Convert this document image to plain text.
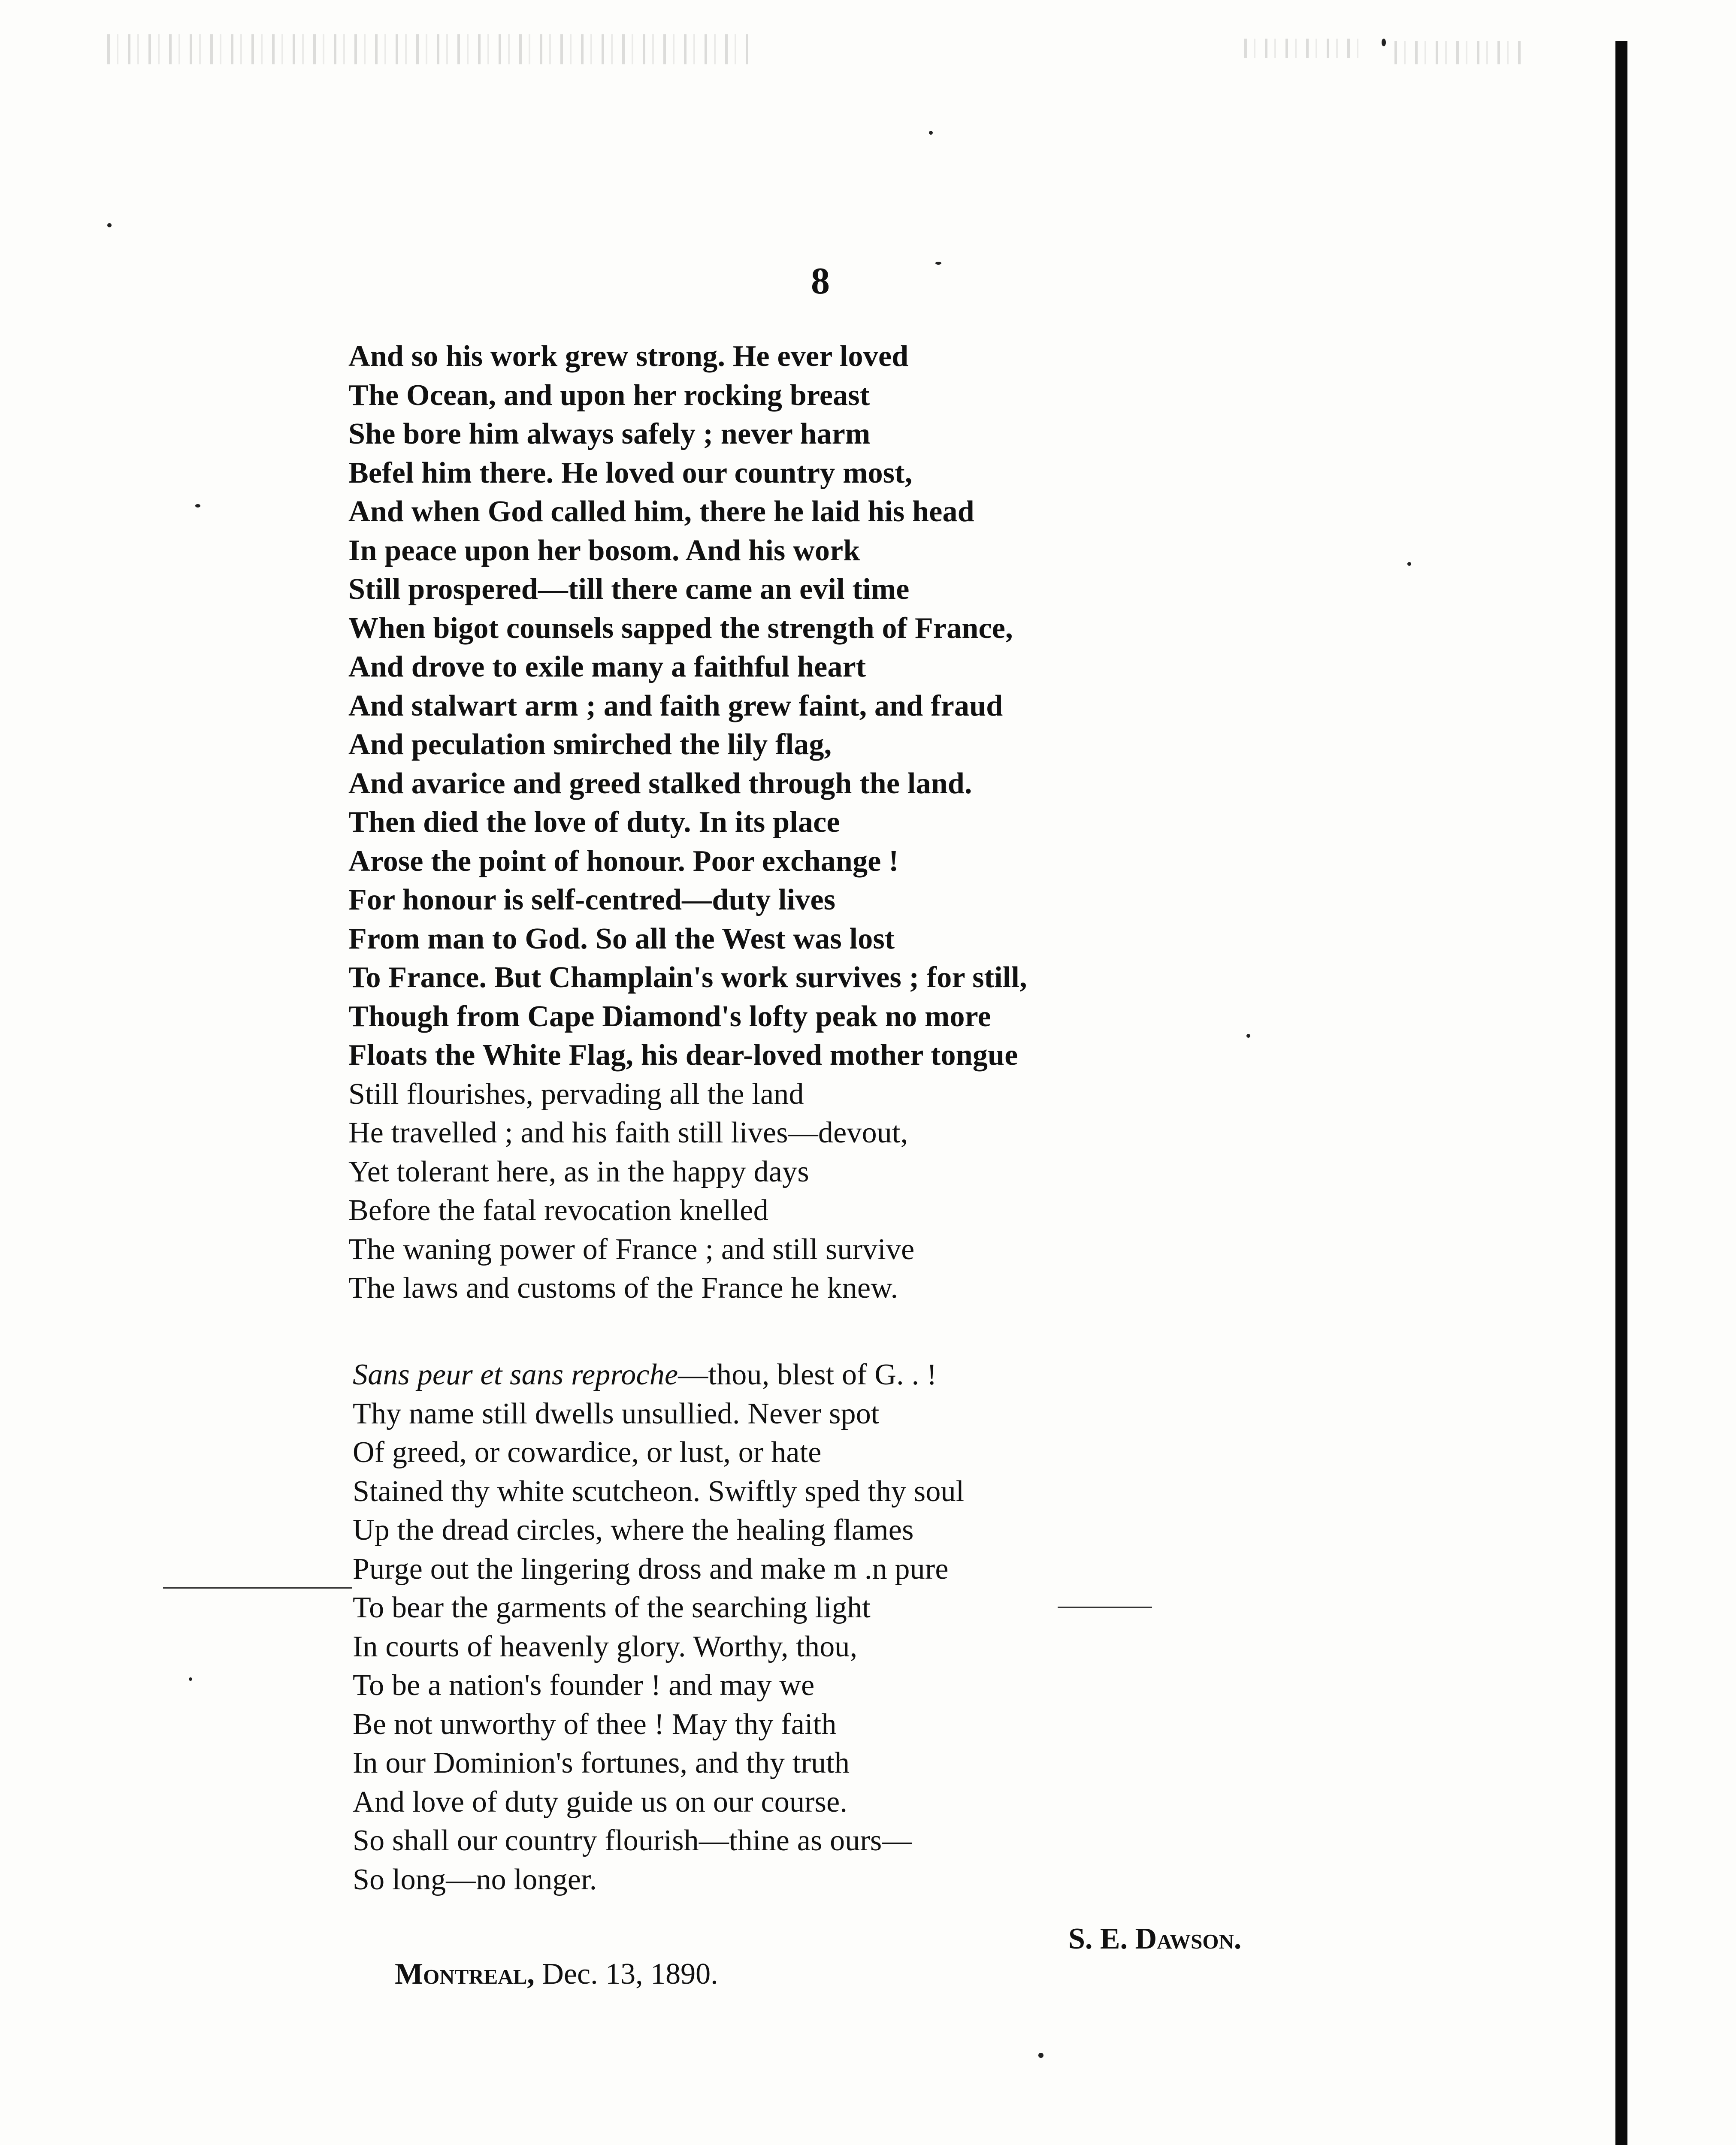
8
And so his work grew strong. He ever loved
The Ocean, and upon her rocking breast
She bore him always safely ; never harm
Befel him there. He loved our country most,
And when God called him, there he laid his head
In peace upon her bosom. And his work
Still prospered—till there came an evil time
When bigot counsels sapped the strength of France,
And drove to exile many a faithful heart
And stalwart arm ; and faith grew faint, and fraud
And peculation smirched the lily flag,
And avarice and greed stalked through the land.
Then died the love of duty. In its place
Arose the point of honour. Poor exchange !
For honour is self-centred—duty lives
From man to God. So all the West was lost
To France. But Champlain's work survives ; for still,
Though from Cape Diamond's lofty peak no more
Floats the White Flag, his dear-loved mother tongue
Still flourishes, pervading all the land
He travelled ; and his faith still lives—devout,
Yet tolerant here, as in the happy days
Before the fatal revocation knelled
The waning power of France ; and still survive
The laws and customs of the France he knew.
Sans peur et sans reproche—thou, blest of G. . !
Thy name still dwells unsullied. Never spot
Of greed, or cowardice, or lust, or hate
Stained thy white scutcheon. Swiftly sped thy soul
Up the dread circles, where the healing flames
Purge out the lingering dross and make m .n pure
To bear the garments of the searching light
In courts of heavenly glory. Worthy, thou,
To be a nation's founder ! and may we
Be not unworthy of thee ! May thy faith
In our Dominion's fortunes, and thy truth
And love of duty guide us on our course.
So shall our country flourish—thine as ours—
So long—no longer.
S. E. Dawson.
Montreal, Dec. 13, 1890.
